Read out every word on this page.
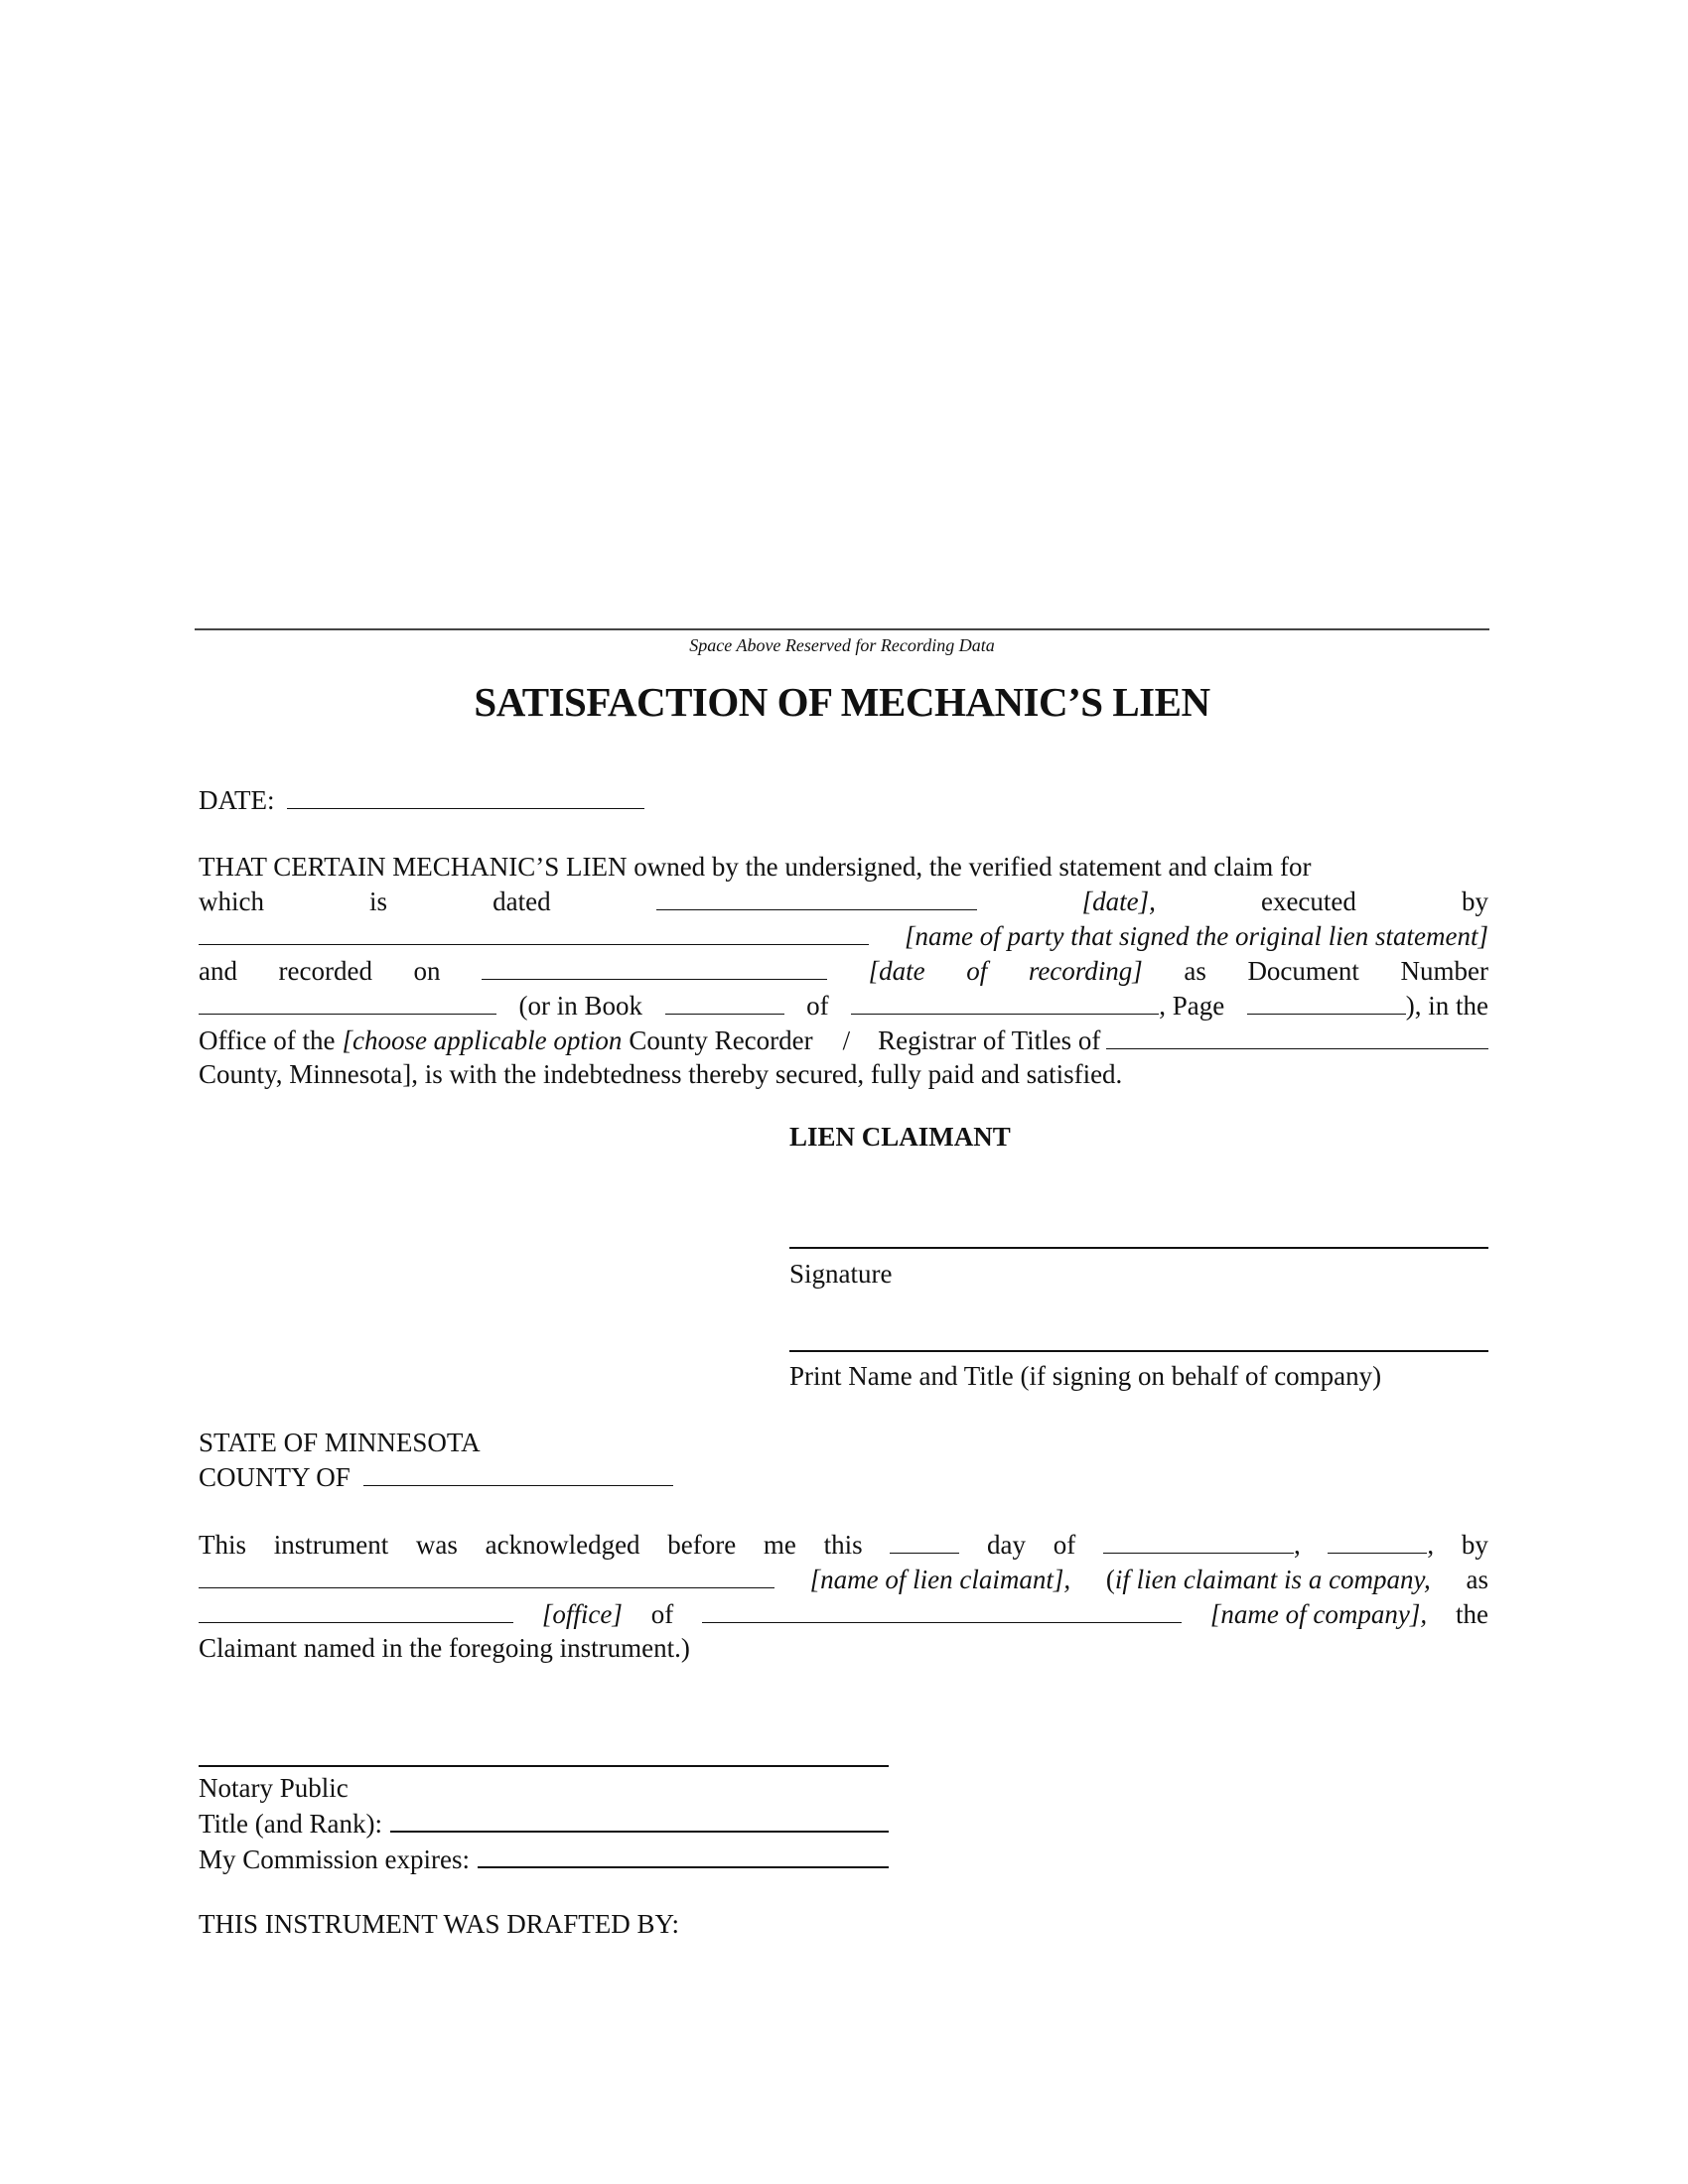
Space Above Reserved for Recording Data
SATISFACTION OF MECHANIC’S LIEN
DATE:
THAT CERTAIN MECHANIC’S LIEN owned by the undersigned, the verified statement and claim for
which	is	dated	[date],	executed	by
[name of party that signed the original lien statement]
and recorded on	[date of recording] as Document Number
(or in Book	of	, Page	), in the
Office of the [choose applicable option County Recorder / Registrar of Titles of
County, Minnesota], is with the indebtedness thereby secured, fully paid and satisfied.
LIEN CLAIMANT
Signature
Print Name and Title (if signing on behalf of company)
STATE OF MINNESOTA
COUNTY OF
This instrument was acknowledged before me this	day of	,	, by
[name of lien claimant], (if lien claimant is a company, as
[office] of	[name of company], the
Claimant named in the foregoing instrument.)
Notary Public
Title (and Rank):
My Commission expires:
THIS INSTRUMENT WAS DRAFTED BY:
